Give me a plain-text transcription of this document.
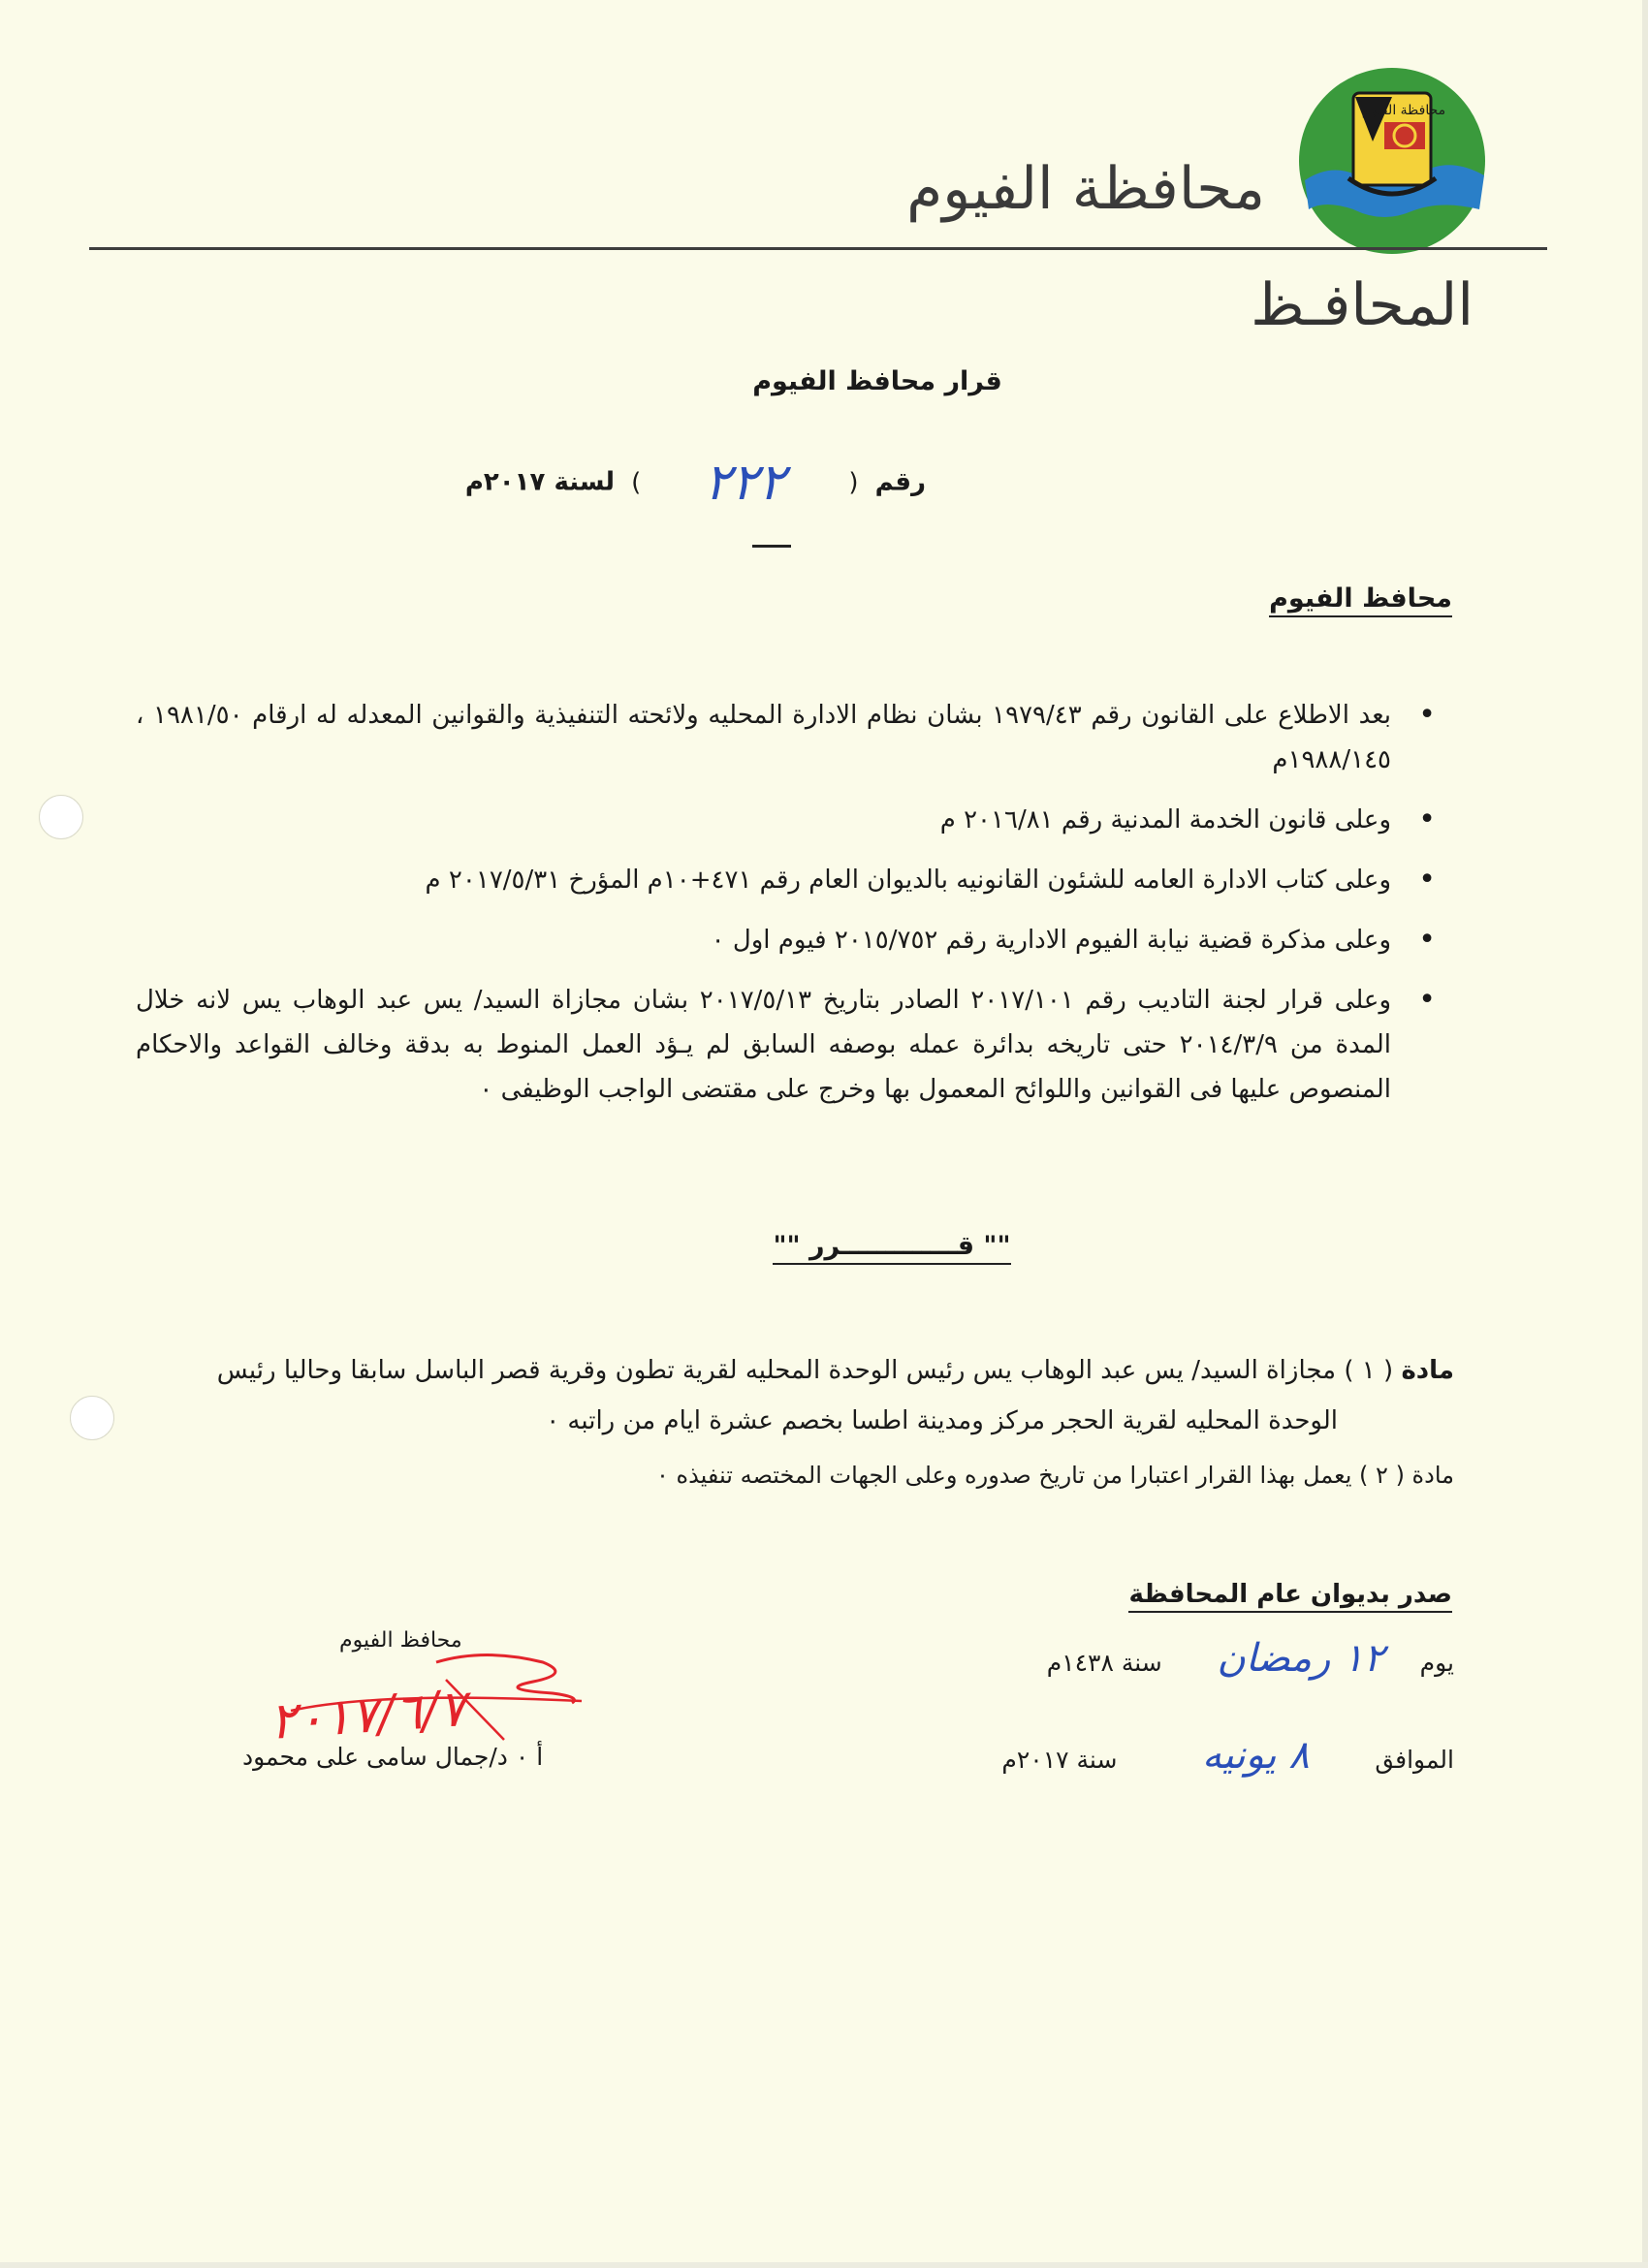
محافظة الفيوم
محافظة الفيوم
المحافـظ
قرار محافظ الفيوم
رقم ( ٢٢٢ ) لسنة ٢٠١٧م
محافظ الفيوم
•
بعد الاطلاع على القانون رقم ١٩٧٩/٤٣ بشان نظام الادارة المحليه ولائحته التنفيذية والقوانين المعدله له ارقام ١٩٨١/٥٠ ، ١٩٨٨/١٤٥م
•
وعلى قانون الخدمة المدنية رقم ٢٠١٦/٨١ م
•
وعلى كتاب الادارة العامه للشئون القانونيه بالديوان العام رقم ٤٧١+١٠م المؤرخ ٢٠١٧/٥/٣١ م
•
وعلى مذكرة قضية نيابة الفيوم الادارية رقم ٢٠١٥/٧٥٢ فيوم اول ٠
•
وعلى قرار لجنة التاديب رقم ٢٠١٧/١٠١ الصادر بتاريخ ٢٠١٧/٥/١٣ بشان مجازاة السيد/ يس عبد الوهاب يس لانه خلال المدة من ٢٠١٤/٣/٩ حتى تاريخه بدائرة عمله بوصفه السابق لم يـؤد العمل المنوط به بدقة وخالف القواعد والاحكام المنصوص عليها فى القوانين واللوائح المعمول بها وخرج على مقتضى الواجب الوظيفى ٠
"" قـــــــــــــرر ""
مادة ( ١ ) مجازاة السيد/ يس عبد الوهاب يس رئيس الوحدة المحليه لقرية تطون وقرية قصر الباسل سابقا وحاليا رئيس
الوحدة المحليه لقرية الحجر مركز ومدينة اطسا بخصم عشرة ايام من راتبه ٠
مادة ( ٢ ) يعمل بهذا القرار اعتبارا من تاريخ صدوره وعلى الجهات المختصه تنفيذه ٠
صدر بديوان عام المحافظة
يوم ١٢ رمضان سنة ١٤٣٨م
الموافق ٨ يونيه سنة ٢٠١٧م
محافظ الفيوم
٢٠١٧/٦/٧
أ ٠ د/جمال سامى على محمود
